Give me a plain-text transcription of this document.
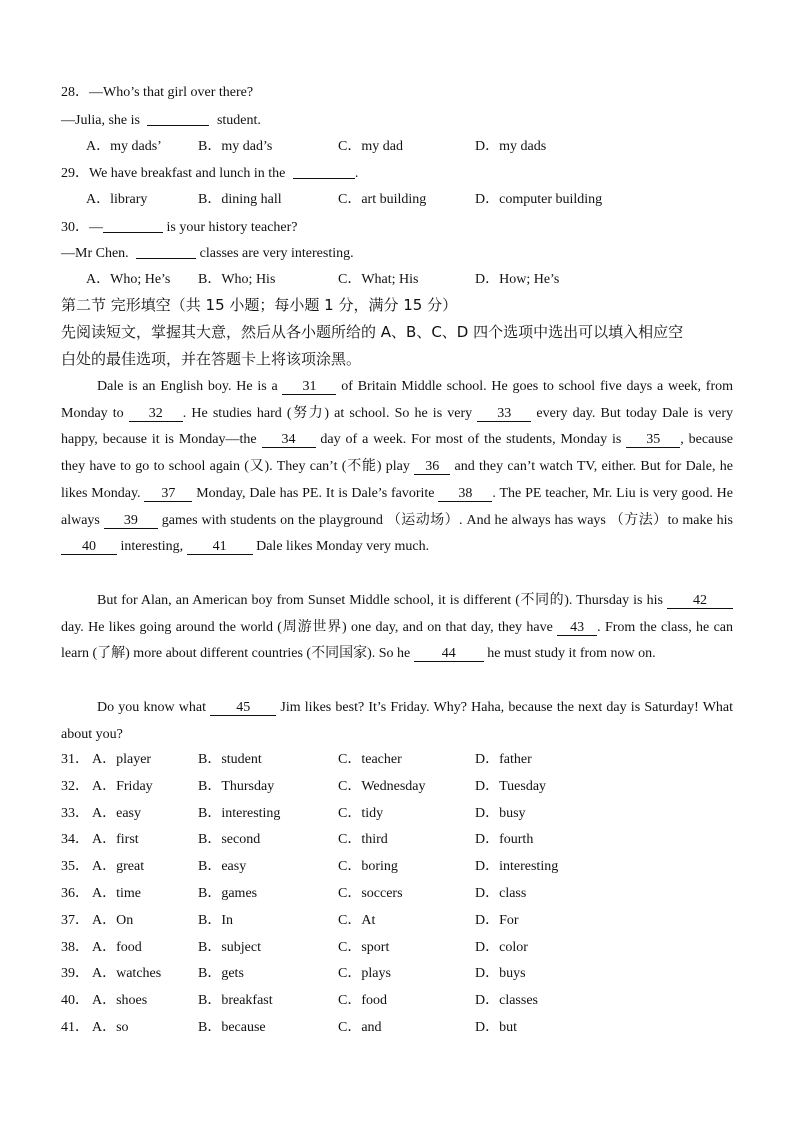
28．—Who’s that girl over there?
—Julia, she is	student.
A．my dads’	B．my dad’s	C．my dad	D．my dads
29．We have breakfast and lunch in the	.
A．library	B．dining hall	C．art building	D．computer building
30．—	is your history teacher?
—Mr Chen.	classes are very interesting.
A．Who; He’s B．Who; His	C．What; His	D．How; He’s
第二节 完形填空（共 15 小题；每小题 1 分，满分 15 分）
先阅读短文，掌握其大意，然后从各小题所给的 A、B、C、D 四个选项中选出可以填入相应空
白处的最佳选项，并在答题卡上将该项涂黑。
Dale is an English boy. He is a 31 of Britain Middle school. He goes to school five days a week, from Monday to 32 . He studies hard (努力) at school. So he is very 33 every day. But today Dale is very happy, because it is Monday—the 34 day of a week. For most of the students, Monday is 35 , because they have to go to school again (又). They can’t (不能) play 36 and they can’t watch TV, either. But for Dale, he likes Monday. 37 Monday, Dale has PE. It is Dale’s favorite 38 . The PE teacher, Mr. Liu is very good. He always 39 games with students on the playground （运动场）. And he always has ways （方法）to make his 40 interesting, 41 Dale likes Monday very much.
But for Alan, an American boy from Sunset Middle school, it is different (不同的). Thursday is his 42 day. He likes going around the world (周游世界) one day, and on that day, they have 43 . From the class, he can learn (了解) more about different countries (不同国家). So he 44 he must study it from now on.
Do you know what 45 Jim likes best? It’s Friday. Why? Haha, because the next day is Saturday! What about you?
31． A．player	B．student	C．teacher	D．father
32． A．Friday	B．Thursday	C．Wednesday	D．Tuesday
33． A．easy	B．interesting	C．tidy	D．busy
34． A．first	B．second	C．third	D．fourth
35． A．great	B．easy	C．boring	D．interesting
36． A．time	B．games	C．soccers	D．class
37． A．On	B．In	C．At	D．For
38． A．food	B．subject	C．sport	D．color
39． A．watches	B．gets	C．plays	D．buys
40． A．shoes	B．breakfast	C．food	D．classes
41． A．so	B．because	C．and	D．but
